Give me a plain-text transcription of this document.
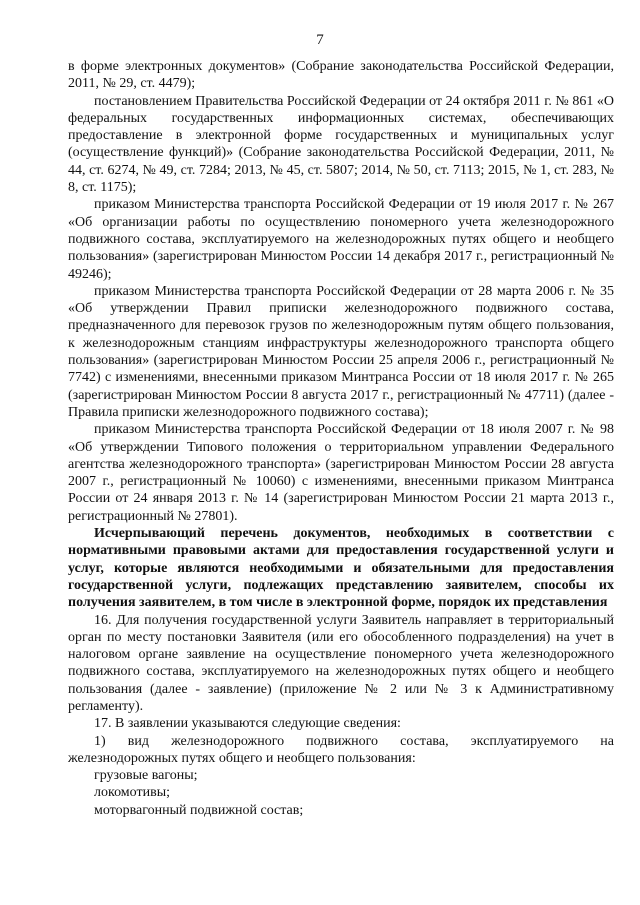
7

в форме электронных документов» (Собрание законодательства Российской Федерации, 2011, № 29, ст. 4479);

постановлением Правительства Российской Федерации от 24 октября 2011 г. № 861 «О федеральных государственных информационных системах, обеспечивающих предоставление в электронной форме государственных и муниципальных услуг (осуществление функций)» (Собрание законодательства Российской Федерации, 2011, № 44, ст. 6274, № 49, ст. 7284; 2013, № 45, ст. 5807; 2014, № 50, ст. 7113; 2015, № 1, ст. 283, № 8, ст. 1175);

приказом Министерства транспорта Российской Федерации от 19 июля 2017 г. № 267 «Об организации работы по осуществлению пономерного учета железнодорожного подвижного состава, эксплуатируемого на железнодорожных путях общего и необщего пользования» (зарегистрирован Минюстом России 14 декабря 2017 г., регистрационный № 49246);

приказом Министерства транспорта Российской Федерации от 28 марта 2006 г. № 35 «Об утверждении Правил приписки железнодорожного подвижного состава, предназначенного для перевозок грузов по железнодорожным путям общего пользования, к железнодорожным станциям инфраструктуры железнодорожного транспорта общего пользования» (зарегистрирован Минюстом России 25 апреля 2006 г., регистрационный № 7742) с изменениями, внесенными приказом Минтранса России от 18 июля 2017 г. № 265 (зарегистрирован Минюстом России 8 августа 2017 г., регистрационный № 47711) (далее - Правила приписки железнодорожного подвижного состава);

приказом Министерства транспорта Российской Федерации от 18 июля 2007 г. № 98 «Об утверждении Типового положения о территориальном управлении Федерального агентства железнодорожного транспорта» (зарегистрирован Минюстом России 28 августа 2007 г., регистрационный № 10060) с изменениями, внесенными приказом Минтранса России от 24 января 2013 г. № 14 (зарегистрирован Минюстом России 21 марта 2013 г., регистрационный № 27801).

Исчерпывающий перечень документов, необходимых в соответствии с нормативными правовыми актами для предоставления государственной услуги и услуг, которые являются необходимыми и обязательными для предоставления государственной услуги, подлежащих представлению заявителем, способы их получения заявителем, в том числе в электронной форме, порядок их представления

16. Для получения государственной услуги Заявитель направляет в территориальный орган по месту постановки Заявителя (или его обособленного подразделения) на учет в налоговом органе заявление на осуществление пономерного учета железнодорожного подвижного состава, эксплуатируемого на железнодорожных путях общего и необщего пользования (далее - заявление) (приложение № 2 или № 3 к Административному регламенту).

17. В заявлении указываются следующие сведения:

1) вид железнодорожного подвижного состава, эксплуатируемого на железнодорожных путях общего и необщего пользования:

грузовые вагоны;

локомотивы;

моторвагонный подвижной состав;
